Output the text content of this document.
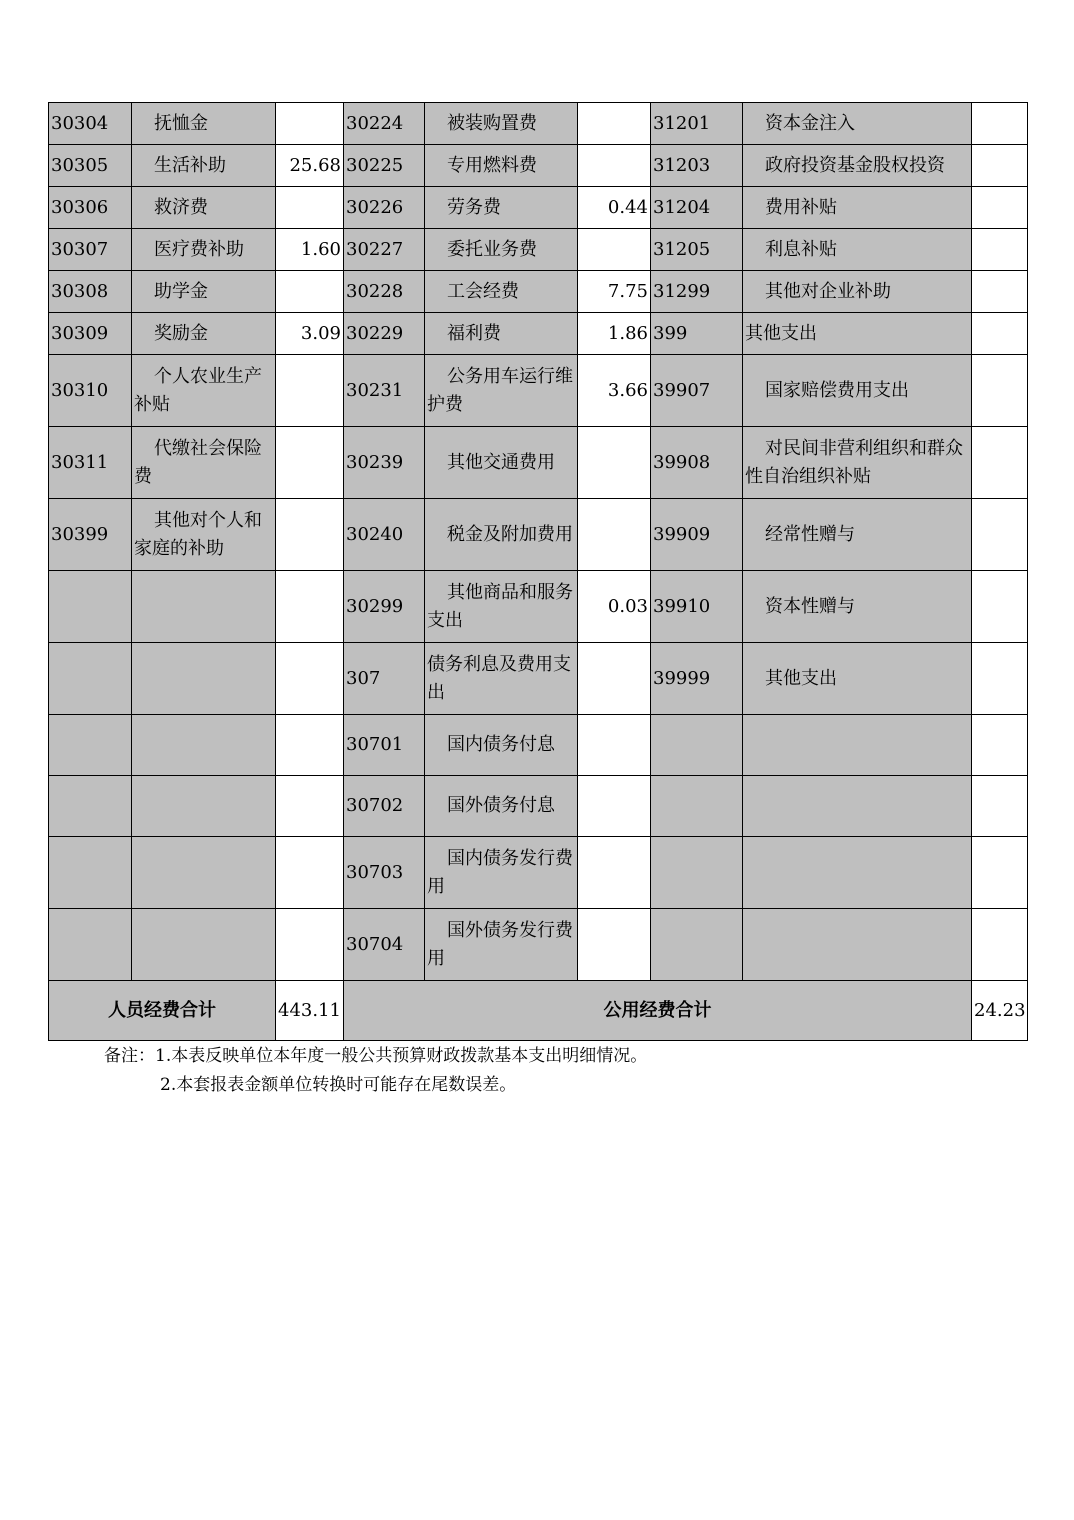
30304	抚恤金		30224	被装购置费		31201	资本金注入	
30305	生活补助	25.68	30225	专用燃料费		31203	政府投资基金股权投资	
30306	救济费		30226	劳务费	0.44	31204	费用补贴	
30307	医疗费补助	1.60	30227	委托业务费		31205	利息补贴	
30308	助学金		30228	工会经费	7.75	31299	其他对企业补助	
30309	奖励金	3.09	30229	福利费	1.86	399	其他支出	
30310	个人农业生产补贴		30231	公务用车运行维护费	3.66	39907	国家赔偿费用支出	
30311	代缴社会保险费		30239	其他交通费用		39908	对民间非营利组织和群众性自治组织补贴	
30399	其他对个人和家庭的补助		30240	税金及附加费用		39909	经常性赠与	
			30299	其他商品和服务支出	0.03	39910	资本性赠与	
			307	债务利息及费用支出		39999	其他支出	
			30701	国内债务付息				
			30702	国外债务付息				
			30703	国内债务发行费用				
			30704	国外债务发行费用				
人员经费合计		443.11	公用经费合计					24.23
备注：1.本表反映单位本年度一般公共预算财政拨款基本支出明细情况。
2.本套报表金额单位转换时可能存在尾数误差。
